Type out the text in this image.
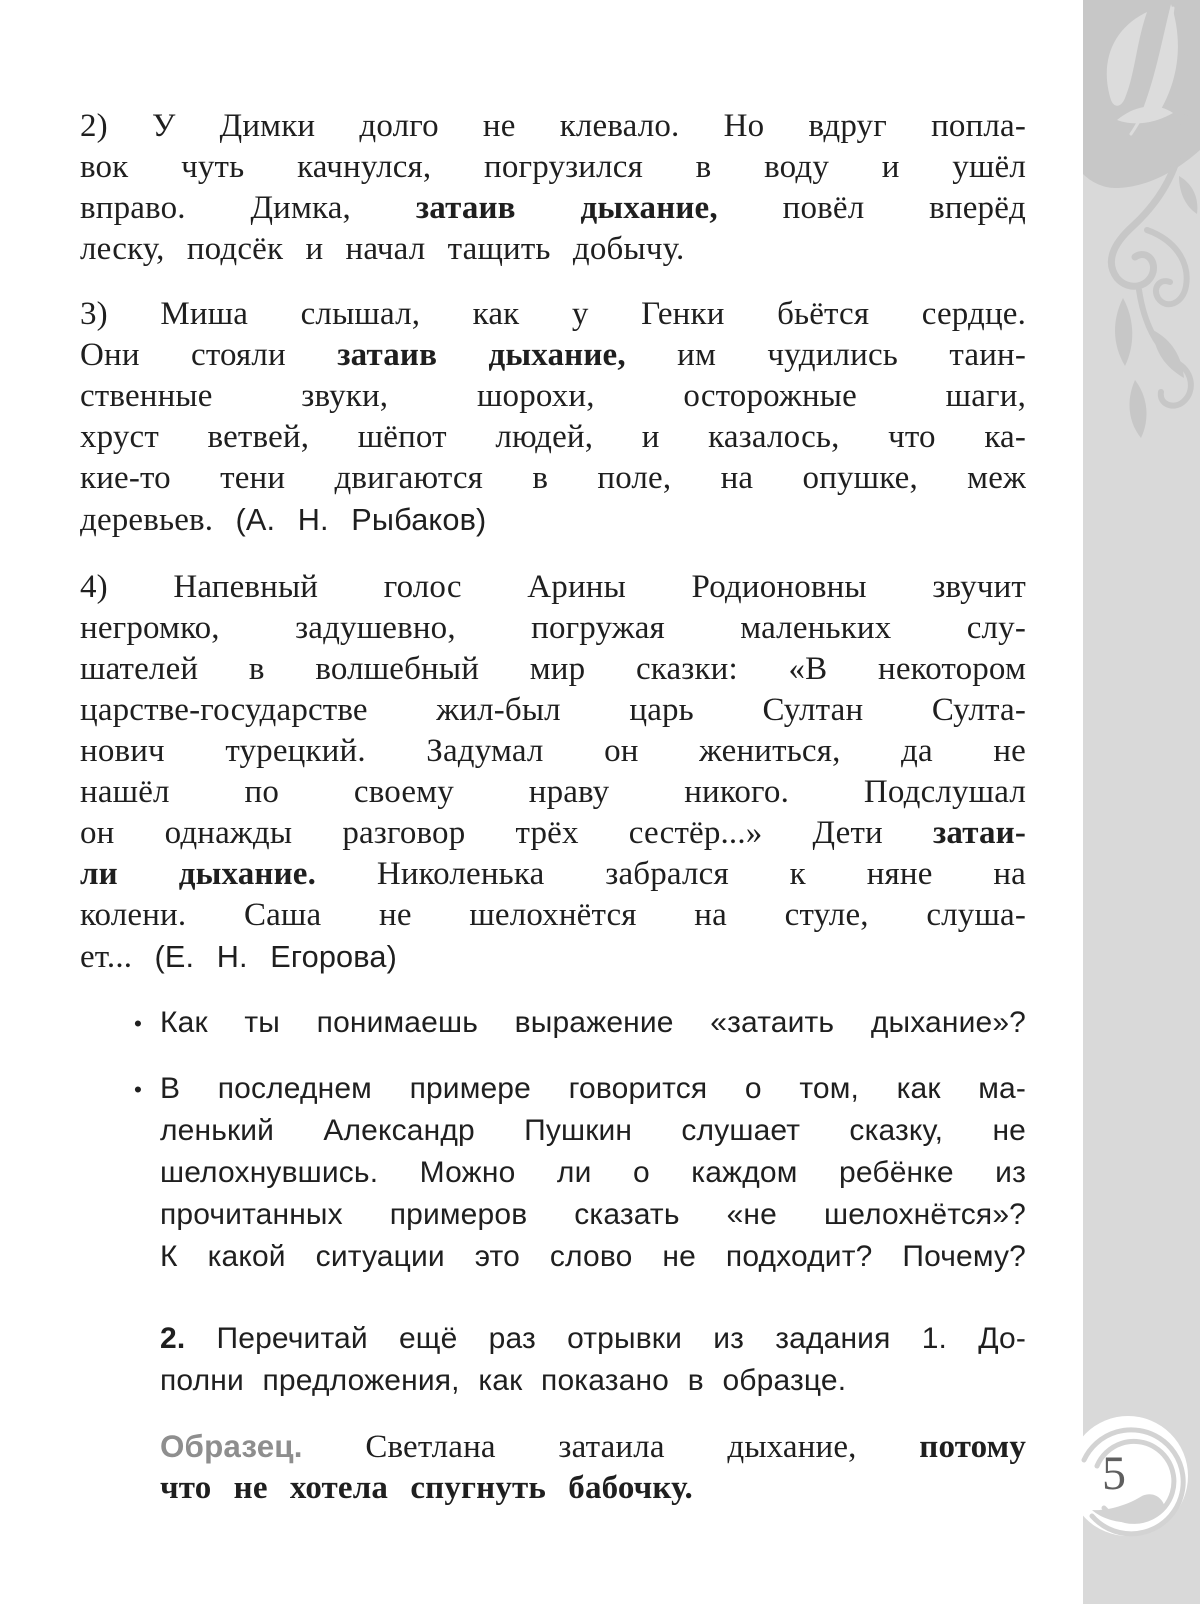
2) У Димки долго не клевало. Но вдруг попла-
вок чуть качнулся, погрузился в воду и ушёл
вправо. Димка, затаив дыхание, повёл вперёд
леску, подсёк и начал тащить добычу.
3) Миша слышал, как у Генки бьётся сердце.
Они стояли затаив дыхание, им чудились таин-
ственные звуки, шорохи, осторожные шаги,
хруст ветвей, шёпот людей, и казалось, что ка-
кие-то тени двигаются в поле, на опушке, меж
деревьев. (А. Н. Рыбаков)
4) Напевный голос Арины Родионовны звучит
негромко, задушевно, погружая маленьких слу-
шателей в волшебный мир сказки: «В некотором
царстве-государстве жил-был царь Султан Султа-
нович турецкий. Задумал он жениться, да не
нашёл по своему нраву никого. Подслушал
он однажды разговор трёх сестёр...» Дети затаи-
ли дыхание. Николенька забрался к няне на
колени. Саша не шелохнётся на стуле, слуша-
ет... (Е. Н. Егорова)
• Как ты понимаешь выражение «затаить дыхание»?
• В последнем примере говорится о том, как ма-
ленький Александр Пушкин слушает сказку, не
шелохнувшись. Можно ли о каждом ребёнке из
прочитанных примеров сказать «не шелохнётся»?
К какой ситуации это слово не подходит? Почему?
2. Перечитай ещё раз отрывки из задания 1. До-
полни предложения, как показано в образце.
Образец. Светлана затаила дыхание, потому
что не хотела спугнуть бабочку.	5
